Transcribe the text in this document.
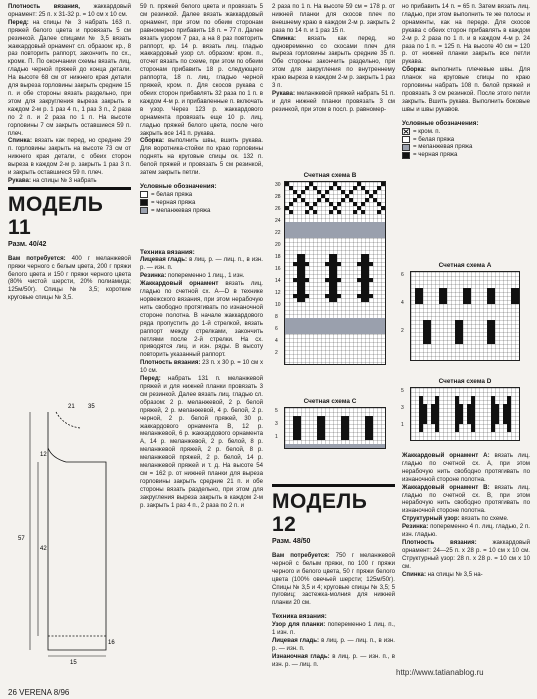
Плотность вязания, жаккардовый орнамент: 25 п. x 31-32 р. = 10 см x 10 см.

Перед: на спицы № 3 набрать 163 п. пряжей белого цвета и провязать 5 см резинкой. Далее спицами № 3,5 вязать жаккардовый орнамент сл. образом: кр., 8 раз повторить раппорт, закончить по сх., кромк. П. По окончании схемы вязать лиц. гладью черной пряжей до конца детали. На высоте 68 см от нижнего края детали для выреза горловины закрыть средние 15 п. и обе стороны вязать раздельно, при этом для закругления выреза закрыть в каждом 2-м р. 1 раз 4 п., 1 раз 3 п., 2 раза по 2 п. и 2 раза по 1 п. На высоте горловины 7 см закрыть оставшиеся 59 п. плеч.

Спинка: вязать как перед, но средние 29 п. горловины закрыть на высоте 73 см от нижнего края детали, с обеих сторон выреза в каждом 2-м р. закрыть 1 раз 3 п. и закрыть оставшиеся 59 п. плеч.

Рукава: на спицы № 3 набрать

МОДЕЛЬ 11
Разм. 40/42

Вам потребуется: 400 г меланжевой пряжи черного с белым цвета, 200 г пряжи белого цвета и 150 г пряжи черного цвета (80% чистой шерсти, 20% полиамида; 125м/50г). Спицы № 3,5; короткие круговые спицы № 3,5.

21 35
57
42
12
15
16

59 п. пряжей белого цвета и провязать 5 см резинкой. Далее вязать жаккардовый орнамент, при этом по обеим сторонам равномерно прибавить 18 п. = 77 п. Далее вязать узором 7 раз, а на 8 раз повторить раппорт, кр. 14 р. вязать лиц. гладью жаккардовый узор сл. образом: кром. п., отсчет вязать по схеме, при этом по обеим сторонам прибавить 18 р. следующего раппорта, 18 п. лиц. гладью черной пряжей, кром. п. Для скосов рукава с обеих сторон прибавлять 32 раза по 1 п. в каждом 4-м р. и прибавленные п. включать в узор. Через 123 р. жаккардового орнамента провязать еще 10 р. лиц. гладью пряжей белого цвета, после чего закрыть все 141 п. рукава.

Сборка: выполнить швы, вшить рукава. Для воротника-стойки по краю горловины поднять на круговые спицы ок. 132 п. белой пряжей и провязать 5 см резинкой, затем закрыть петли.

Условные обозначения:
= белая пряжа
= черная пряжа
= меланжевая пряжа
Техника вязания:

Лицевая гладь: в лиц. р. — лиц. п., в изн. р. — изн. п.

Резинка: попеременно 1 лиц., 1 изн.

Жаккардовый орнамент вязать лиц. гладью по счетной сх. А—D в технике норвежского вязания, при этом нерабочую нить свободно протягивать по изнаночной стороне полотна. В начале жаккардового ряда пропустить до 1-й стрелкой, вязать раппорт между стрелками, закончить петлями после 2-й стрелки. На сх. приводятся лиц. и изн. ряды. В высоту повторить указанный раппорт.

Плотность вязания: 23 п. x 30 р. = 10 см x 10 см.

Перед: набрать 131 п. меланжевой пряжей и для нижней планки провязать 3 см резинкой. Далее вязать лиц. гладью сл. образом: 2 р. меланжевой, 2 р. белой пряжей, 2 р. меланжевой, 4 р. белой, 2 р. черной, 2 р. белой пряжей, 30 р. жаккардового орнамента В, 12 р. меланжевой, 6 р. жаккардового орнамента А, 14 р. меланжевой, 2 р. белой, 8 р. меланжевой пряжей, 2 р. белой, 8 р. меланжевой пряжей, 2 р. белой, 14 р. меланжевой пряжей и т. д. На высоте 54 см = 162 р. от нижней планки для выреза горловины закрыть средние 21 п. и обе стороны вязать раздельно, при этом для закругления выреза закрыть в каждом 2-м р. закрыть 1 раз 4 п., 2 раза по 2 п. и

2 раза по 1 п. На высоте 59 см = 178 р. от нижней планки для скосов плеч по внешнему краю в каждом 2-м р. закрыть 2 раза по 14 п. и 1 раз 15 п.

Спинка: вязать как перед, но одновременно со скосами плеч для выреза горловины закрыть средние 35 п. Обе стороны закончить раздельно, при этом для закругления по внутреннему краю выреза в каждом 2-м р. закрыть 1 раз 3 п.

Рукава: меланжевой пряжей набрать 51 п. и для нижней планки провязать 3 см резинкой, при этом в посл. р. равномер-

Счетная схема В
30
28
26
24
22
20
18
16
14
12
10
8
6
4
2
Счетная схема С
5
3
1
МОДЕЛЬ 12
Разм. 48/50

Вам потребуется: 750 г меланжевой черной с белым пряжи, по 100 г пряжи черного и белого цвета, 50 г пряжи белого цвета (100% овечьей шерсти; 125м/50г). Спицы № 3,5 и 4; круговые спицы № 3,5; 5 пуговиц; застежка-молния для нижней планки 20 см.

Техника вязания:

Узор для планки: попеременно 1 лиц. п., 1 изн. п.

Лицевая гладь: в лиц. р. — лиц. п., в изн. р. — изн. п.

Изнаночная гладь: в лиц. р. — изн. п., в изн. р. — лиц. п.

но прибавить 14 п. = 65 п. Затем вязать лиц. гладью, при этом выполнить те же полосы и орнаменты, как на переде. Для скосов рукава с обеих сторон прибавлять в каждом 2-м р. 2 раза по 1 п. и в каждом 4-м р. 24 раза по 1 п. = 125 п. На высоте 40 см = 120 р. от нижней планки закрыть все петли рукава.

Сборка: выполнить плечевые швы. Для планок на круговые спицы по краю горловины набрать 108 п. белой пряжей и провязать 3 см резинкой. После этого петли закрыть. Вшить рукава. Выполнить боковые швы и швы рукавов.

Условные обозначения:
= кром. п.
= белая пряжа
= меланжевая пряжа
= черная пряжа
Счетная схема А
6
4
2
Счетная схема D
5
3
1

Жаккардовый орнамент А: вязать лиц. гладью по счетной сх. А, при этом нерабочую нить свободно протягивать по изнаночной стороне полотна.

Жаккардовый орнамент В: вязать лиц. гладью по счетной сх. В, при этом нерабочую нить свободно протягивать по изнаночной стороне полотна.

Структурный узор: вязать по схеме.

Резинка: попеременно 4 п. лиц. гладью, 2 п. изн. гладью.

Плотность вязания: жаккардовый орнамент: 24—25 п. x 28 р. = 10 см x 10 см. Структурный узор: 28 п. x 28 р. = 10 см x 10 см.

Спинка: на спицы № 3,5 на-

26 VERENA 8/96
http://www.tatianablog.ru
